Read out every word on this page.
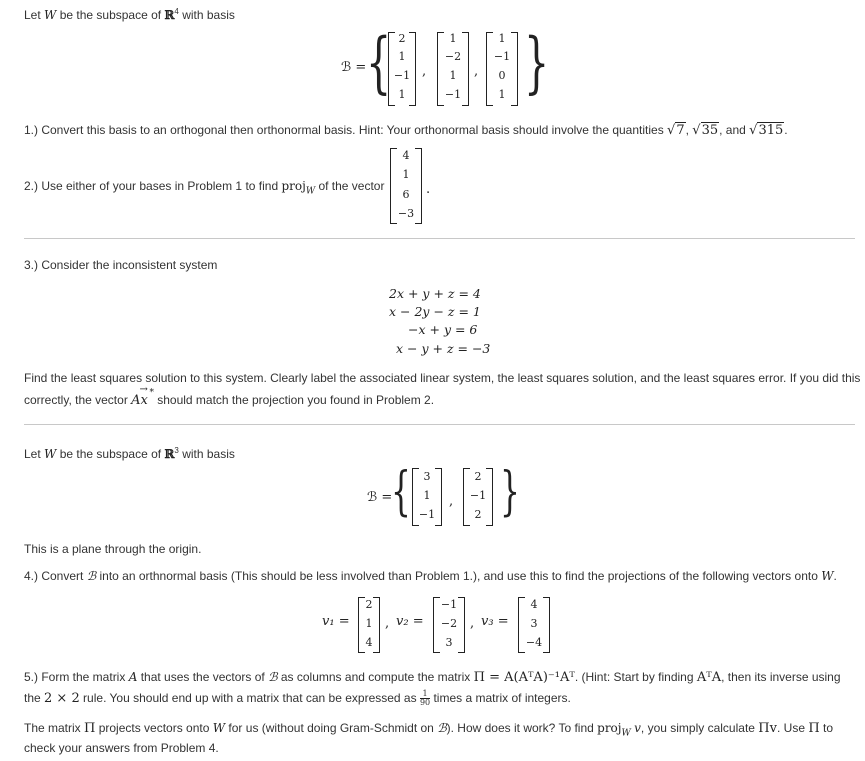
Let W be the subspace of ℝ$^4$ with basis
ℬ = { }
2
1
−1
1
,
1
−2
1
−1
,
1
−1
0
1
1.) Convert this basis to an orthogonal then orthonormal basis. Hint: Your orthonormal basis should involve the quantities √7, √35, and √315.
2.) Use either of your bases in Problem 1 to find proj$_W$ of the vector
4
1
6
−3
.
3.) Consider the inconsistent system
2x + y + z = 4
x − 2y − z = 1
−x + y = 6
x − y + z = −3
Find the least squares solution to this system. Clearly label the associated linear system, the least squares solution, and the least squares error. If you did this
correctly, the vector Ax
→ * should match the projection you found in Problem 2.
Let W be the subspace of ℝ$^3$ with basis
ℬ =
{ }
3
1
−1
,
2
−1
2
This is a plane through the origin.
4.) Convert ℬ into an orthnormal basis (This should be less involved than Problem 1.), and use this to find the projections of the following vectors onto W.
v₁ =
2
1
4
, v₂ =
−1
−2
3
, v₃ =
4
3
−4
5.) Form the matrix A that uses the vectors of ℬ as columns and compute the matrix Π = A(AᵀA)⁻¹Aᵀ. (Hint: Start by finding AᵀA, then its inverse using
the 2 × 2 rule. You should end up with a matrix that can be expressed as $\frac{1}{90}$ times a matrix of integers.
The matrix Π projects vectors onto W for us (without doing Gram-Schmidt on ℬ). How does it work? To find proj$_W$ v, you simply calculate Πv. Use Π to
check your answers from Problem 4.
